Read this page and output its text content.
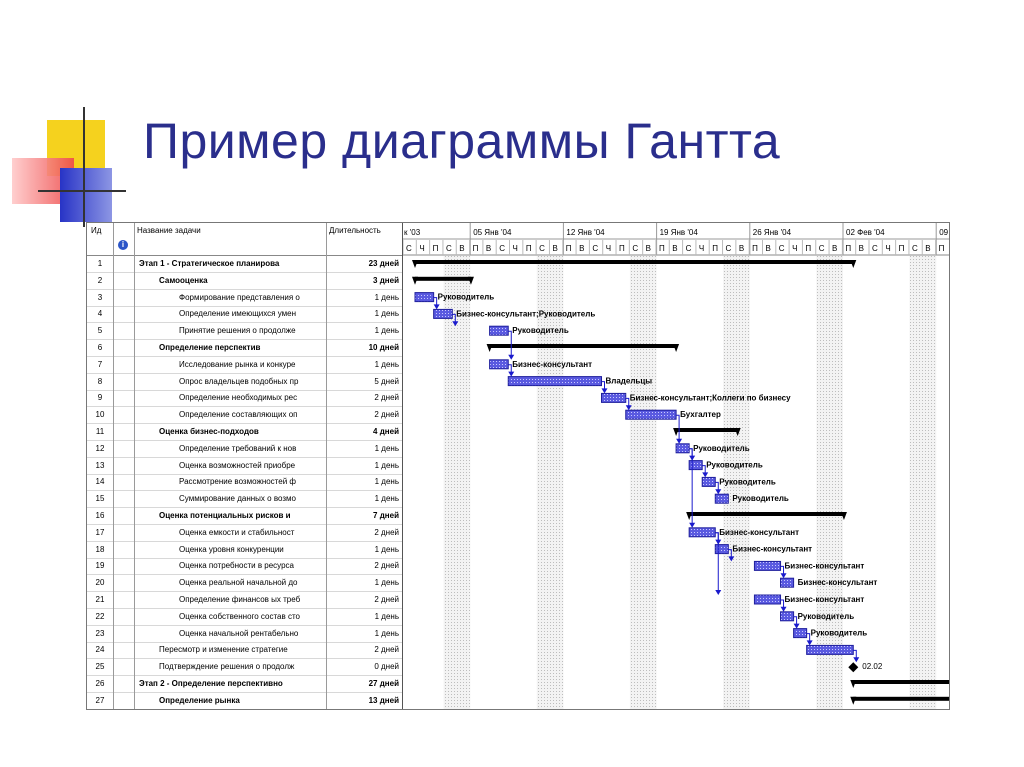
Пример диаграммы Гантта
Ид
i
Название задачи	Длительность
1	Этап 1 - Стратегическое планирова	23 дней
2	Самооценка	3 дней
3	Формирование представления о	1 день
4	Определение имеющихся умен	1 день
5	Принятие решения о продолже	1 день
6	Определение перспектив	10 дней
7	Исследование рынка и конкуре	1 день
8	Опрос владельцев подобных пр	5 дней
9	Определение необходимых рес	2 дней
10	Определение составляющих оп	2 дней
11	Оценка бизнес-подходов	4 дней
12	Определение требований к нов	1 день
13	Оценка возможностей приобре	1 день
14	Рассмотрение возможностей ф	1 день
15	Суммирование данных о возмо	1 день
16	Оценка потенциальных рисков и	7 дней
17	Оценка емкости и стабильност	2 дней
18	Оценка уровня конкуренции	1 день
19	Оценка потребности в ресурса	2 дней
20	Оценка реальной начальной до	1 день
21	Определение финансов ых треб	2 дней
22	Оценка собственного состав сто	1 день
23	Оценка начальной рентабельно	1 день
24	Пересмотр и изменение стратегие	2 дней
25	Подтверждение решения о продолж	0 дней
26	Этап 2 - Определение перспективно	27 дней
27	Определение рынка	13 дней
к '03	05 Янв '04	12 Янв '04	19 Янв '04	26 Янв '04	02 Фев '04	09
С Ч П С В П В С Ч П С В П В С Ч П С В П В С Ч П С В П В С Ч П С В П В С Ч П С В П
Руководитель
Бизнес-консультант;Руководитель
Руководитель
Бизнес-консультант
Владельцы
Бизнес-консультант;Коллеги по бизнесу
Бухгалтер
Руководитель
Руководитель
Руководитель
Руководитель
Бизнес-консультант
Бизнес-консультант
Бизнес-консультант
Бизнес-консультант
Бизнес-консультант
Руководитель
Руководитель
02.02
